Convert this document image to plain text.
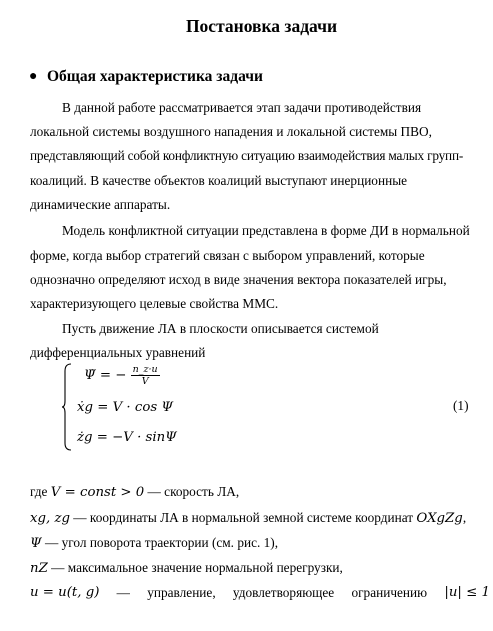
Постановка задачи
● Общая характеристика задачи
В данной работе рассматривается этап задачи противодействия
локальной системы воздушного нападения и локальной системы ПВО,
представляющий собой конфликтную ситуацию взаимодействия малых групп-
коалиций. В качестве объектов коалиций выступают инерционные
динамические аппараты.
Модель конфликтной ситуации представлена в форме ДИ в нормальной
форме, когда выбор стратегий связан с выбором управлений, которые
однозначно определяют исход в виде значения вектора показателей игры,
характеризующего целевые свойства ММС.
Пусть движение ЛА в плоскости описывается системой
дифференциальных уравнений
Ψ̇ = − $\frac{n\_z\cdot u}{V}$
ẋg = V · cos Ψ
żg = −V · sinΨ
(1)
где V = const > 0 — скорость ЛА,
xg, zg — координаты ЛА в нормальной земной системе координат OXgZg,
Ψ — угол поворота траектории (см. рис. 1),
nZ — максимальное значение нормальной перегрузки,
u = u(t, g) — управление, удовлетворяющее ограничению |u| ≤ 1
